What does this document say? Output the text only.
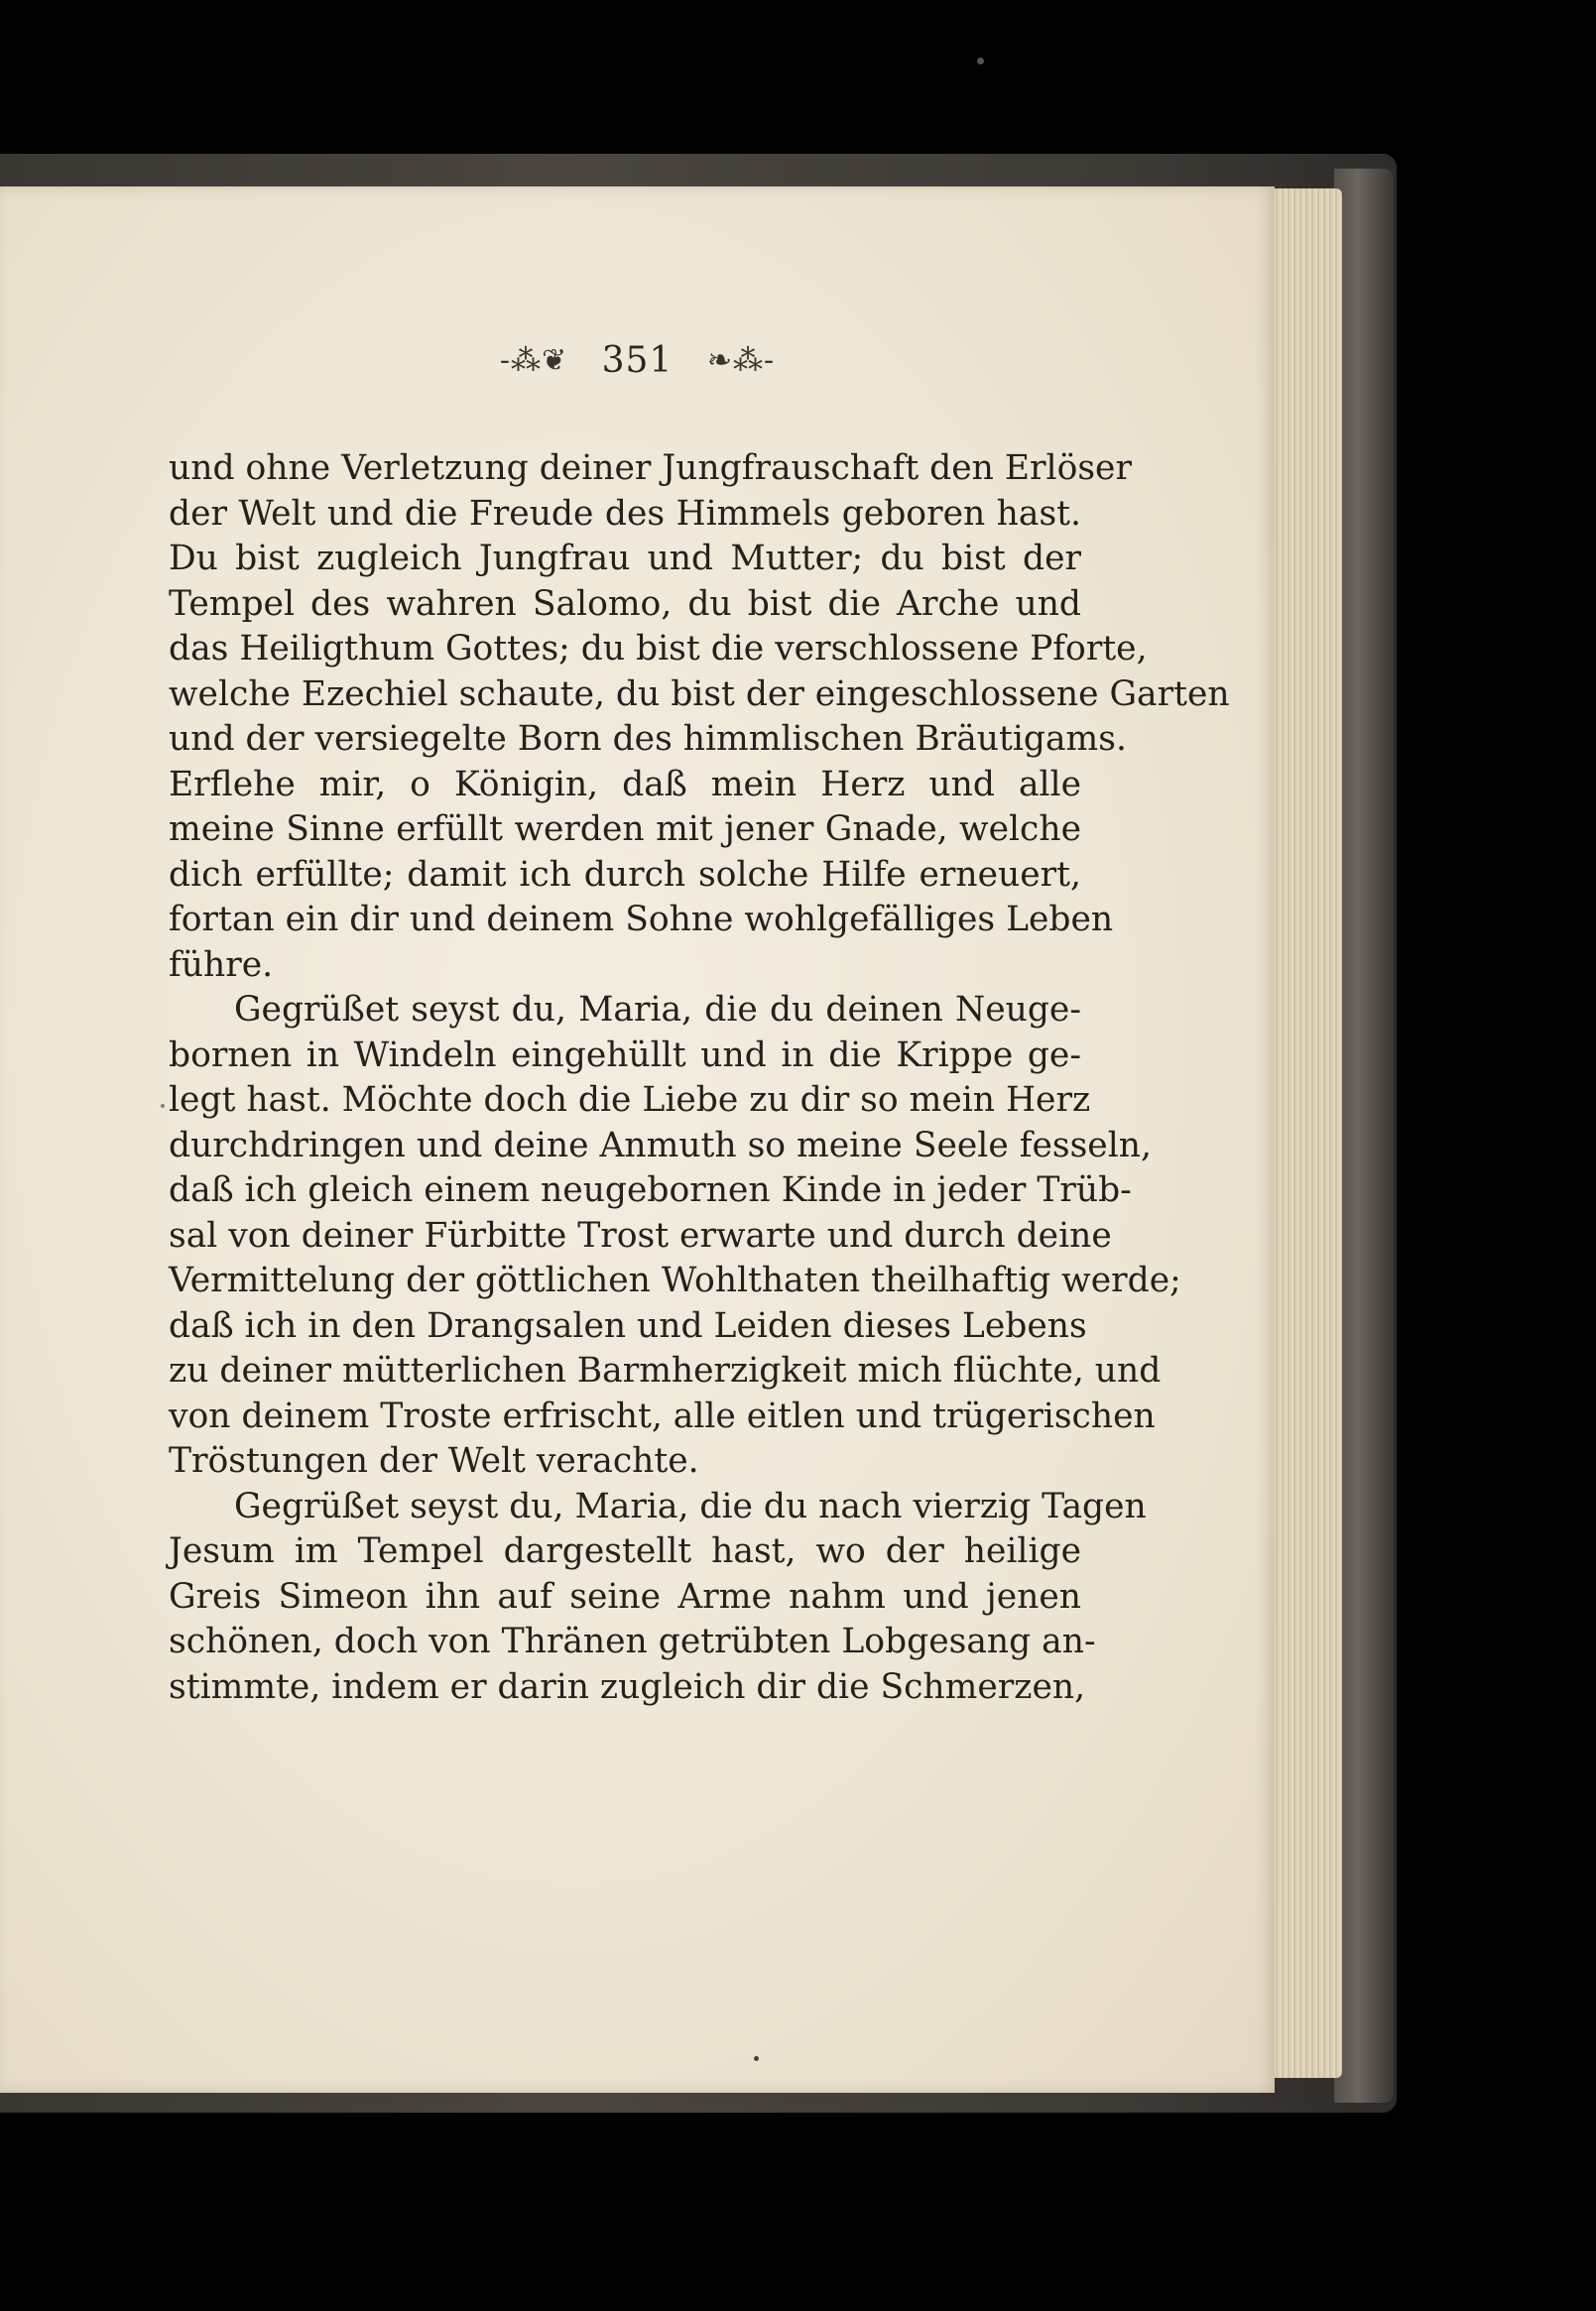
-⁂❦ 351 ❧⁂-
und ohne Verletzung deiner Jungfrauschaft den Erlöser
der Welt und die Freude des Himmels geboren hast.
Du bist zugleich Jungfrau und Mutter; du bist der
Tempel des wahren Salomo, du bist die Arche und
das Heiligthum Gottes; du bist die verschlossene Pforte,
welche Ezechiel schaute, du bist der eingeschlossene Garten
und der versiegelte Born des himmlischen Bräutigams.
Erflehe mir, o Königin, daß mein Herz und alle
meine Sinne erfüllt werden mit jener Gnade, welche
dich erfüllte; damit ich durch solche Hilfe erneuert,
fortan ein dir und deinem Sohne wohlgefälliges Leben
führe.
Gegrüßet seyst du, Maria, die du deinen Neuge-
bornen in Windeln eingehüllt und in die Krippe ge-
legt hast. Möchte doch die Liebe zu dir so mein Herz
durchdringen und deine Anmuth so meine Seele fesseln,
daß ich gleich einem neugebornen Kinde in jeder Trüb-
sal von deiner Fürbitte Trost erwarte und durch deine
Vermittelung der göttlichen Wohlthaten theilhaftig werde;
daß ich in den Drangsalen und Leiden dieses Lebens
zu deiner mütterlichen Barmherzigkeit mich flüchte, und
von deinem Troste erfrischt, alle eitlen und trügerischen
Tröstungen der Welt verachte.
Gegrüßet seyst du, Maria, die du nach vierzig Tagen
Jesum im Tempel dargestellt hast, wo der heilige
Greis Simeon ihn auf seine Arme nahm und jenen
schönen, doch von Thränen getrübten Lobgesang an-
stimmte, indem er darin zugleich dir die Schmerzen,
